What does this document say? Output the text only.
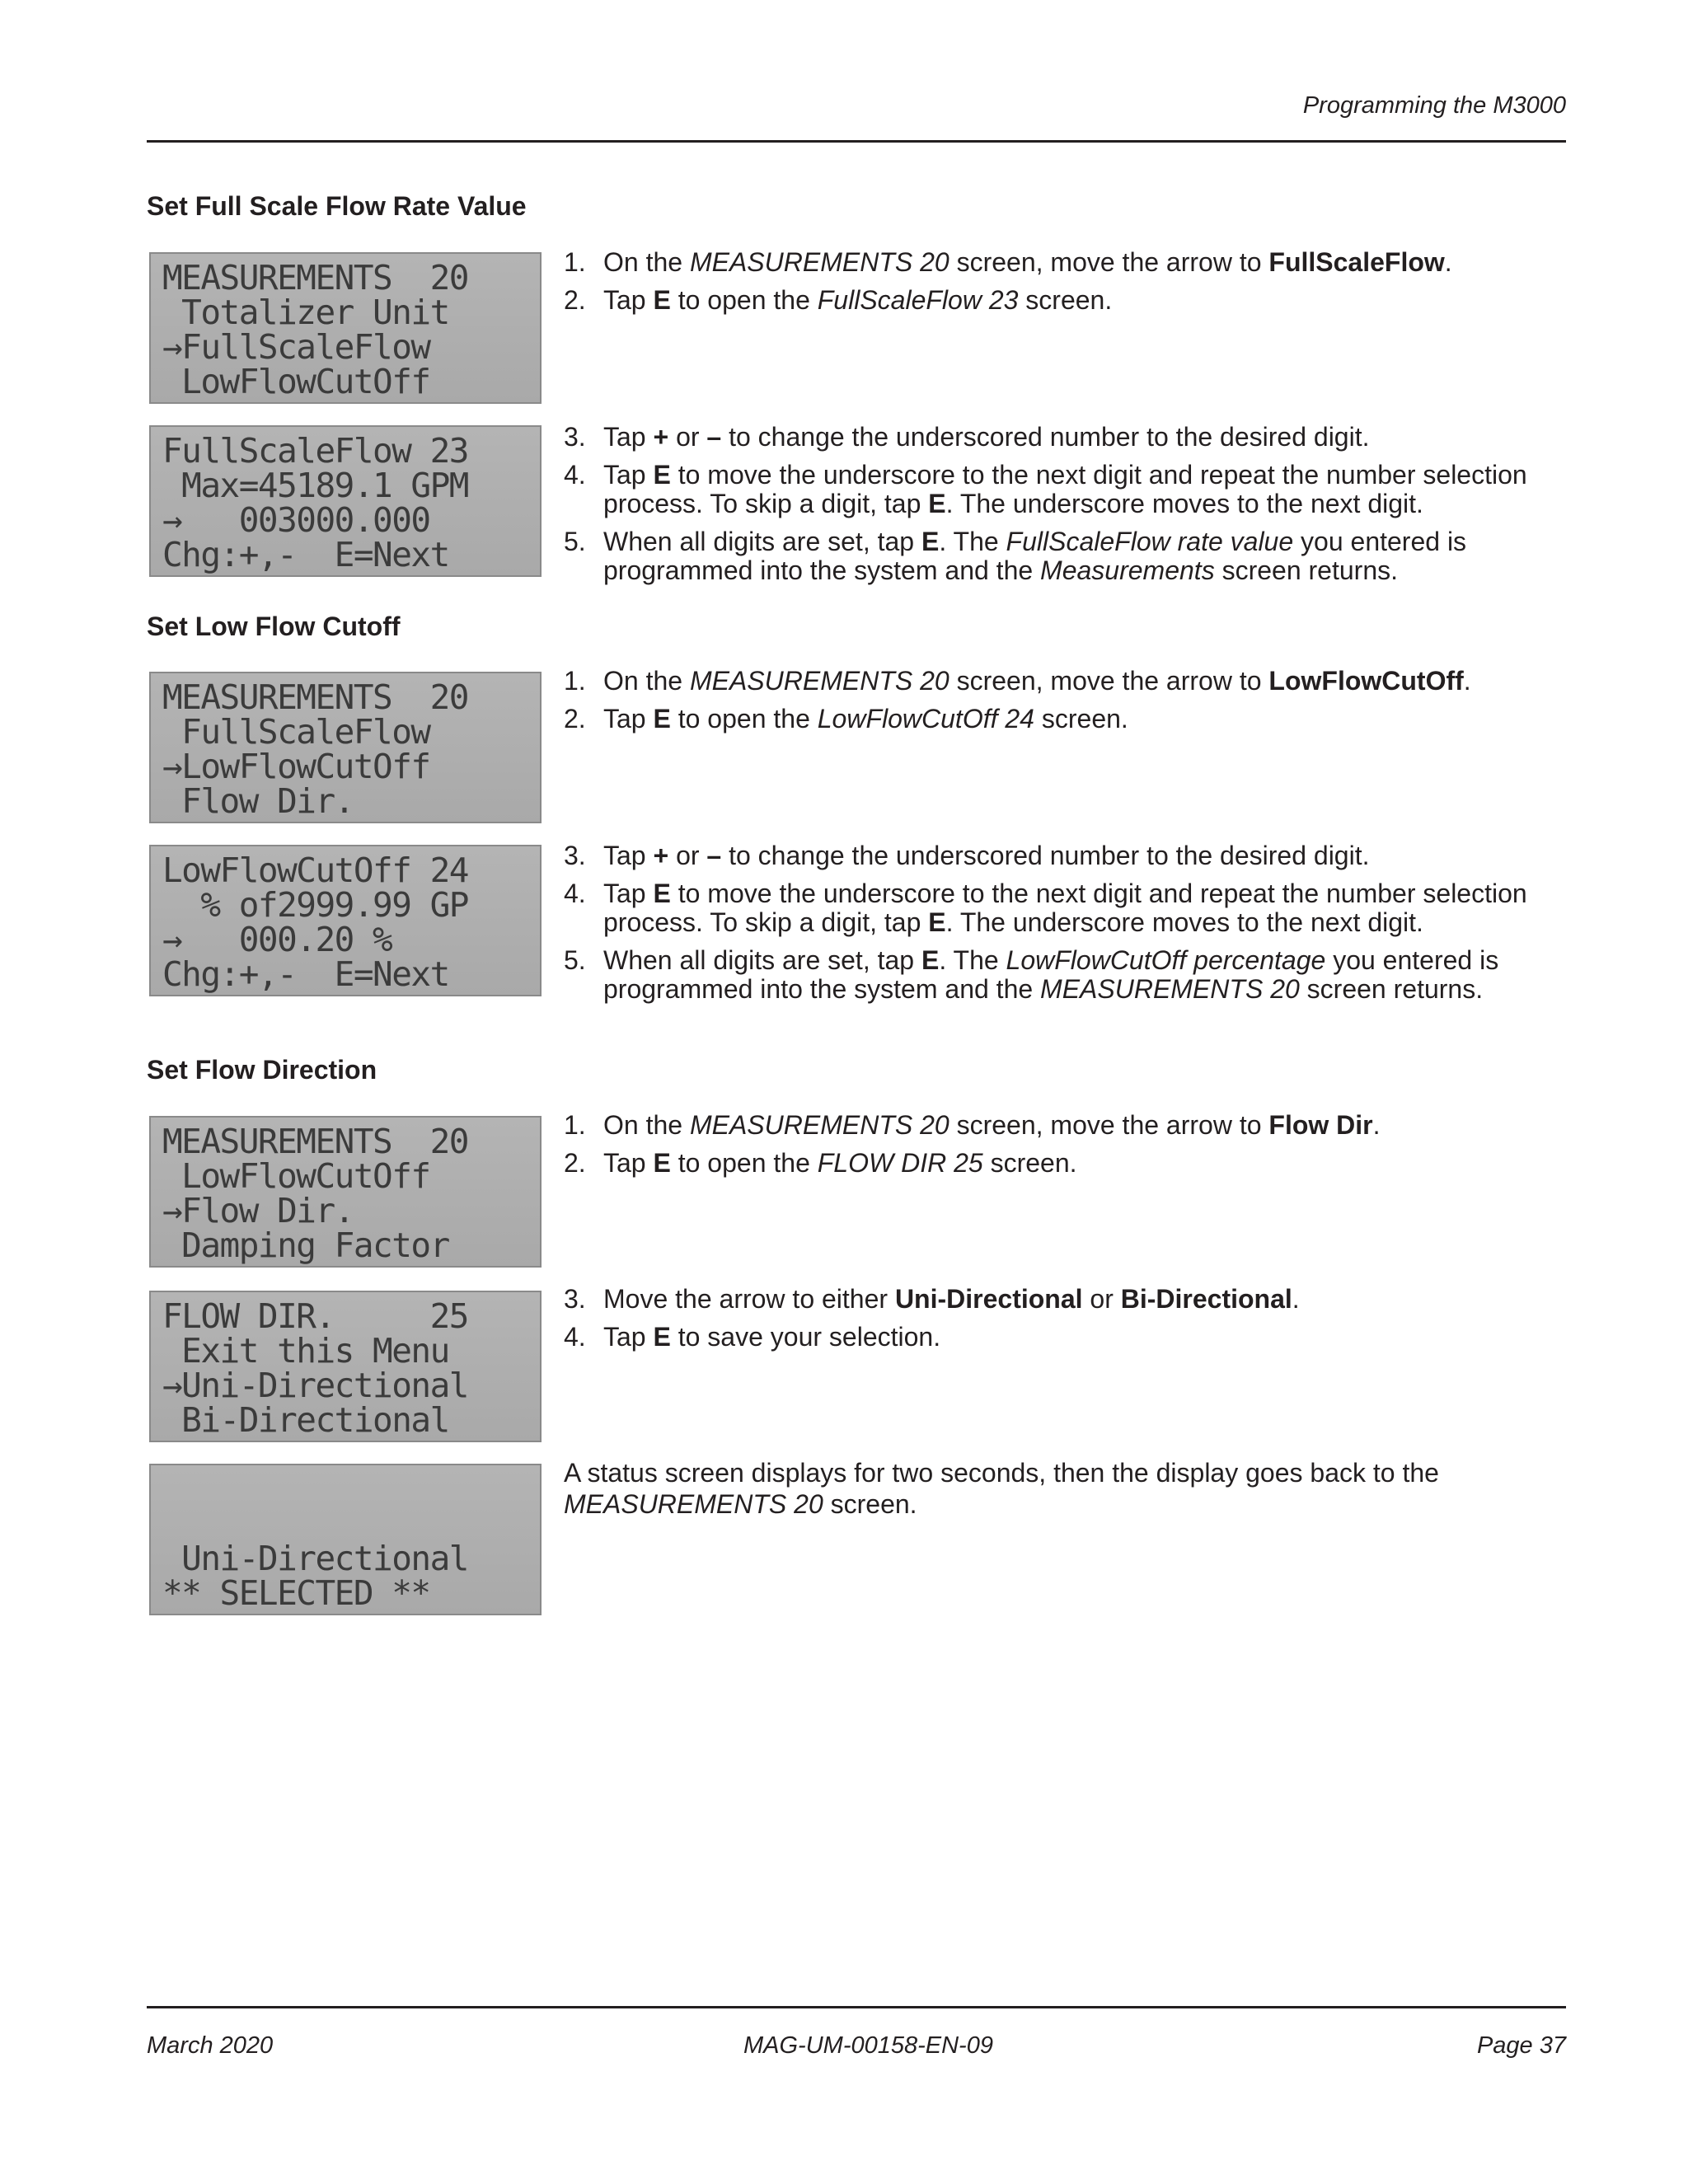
Programming the M3000
Set Full Scale Flow Rate Value
MEASUREMENTS  20
Totalizer Unit
→FullScaleFlow
LowFlowCutOff
1. On the MEASUREMENTS 20 screen, move the arrow to FullScaleFlow.
2. Tap E to open the FullScaleFlow 23 screen.
FullScaleFlow 23
Max=45189.1 GPM
→   003000.000
Chg:+,-  E=Next
3. Tap + or – to change the underscored number to the desired digit.
4. Tap E to move the underscore to the next digit and repeat the number selection process. To skip a digit, tap E. The underscore moves to the next digit.
5. When all digits are set, tap E. The FullScaleFlow rate value you entered is programmed into the system and the Measurements screen returns.
Set Low Flow Cutoff
MEASUREMENTS  20
FullScaleFlow
→LowFlowCutOff
Flow Dir.
1. On the MEASUREMENTS 20 screen, move the arrow to LowFlowCutOff.
2. Tap E to open the LowFlowCutOff 24 screen.
LowFlowCutOff 24
% of2999.99 GP
→   000.20 %
Chg:+,-  E=Next
3. Tap + or – to change the underscored number to the desired digit.
4. Tap E to move the underscore to the next digit and repeat the number selection process. To skip a digit, tap E. The underscore moves to the next digit.
5. When all digits are set, tap E. The LowFlowCutOff percentage you entered is programmed into the system and the MEASUREMENTS 20 screen returns.
Set Flow Direction
MEASUREMENTS  20
LowFlowCutOff
→Flow Dir.
Damping Factor
1. On the MEASUREMENTS 20 screen, move the arrow to Flow Dir.
2. Tap E to open the FLOW DIR 25 screen.
FLOW DIR.     25
Exit this Menu
→Uni-Directional
Bi-Directional
3. Move the arrow to either Uni-Directional or Bi-Directional.
4. Tap E to save your selection.
Uni-Directional
** SELECTED **

A status screen displays for two seconds, then the display goes back to the MEASUREMENTS 20 screen.

March 2020	MAG-UM-00158-EN-09	Page 37
